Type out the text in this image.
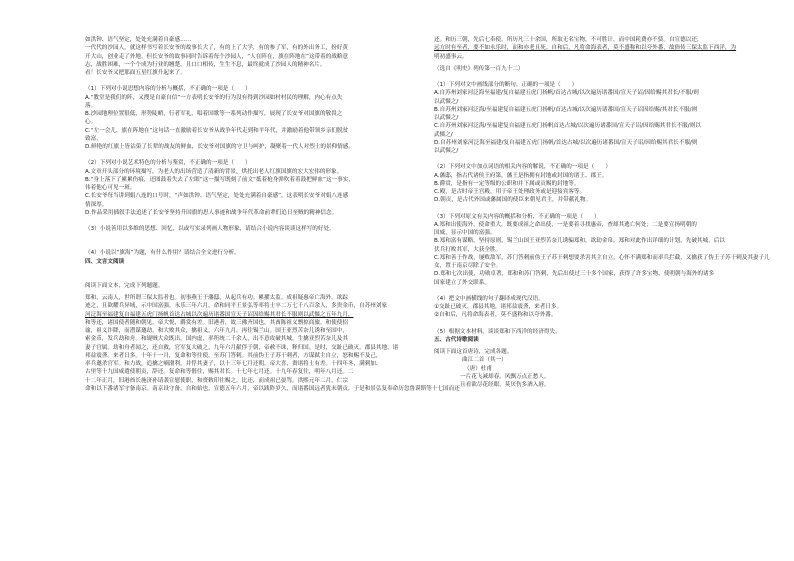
如洪钟、语气坚定，处处充满着自豪感……

一代代的沙园人，就这样书写着长安爷的故事长大了，有的上了大学，有的参了军，有的外出务工，扮好黄

开大山，创业走了外地。但长安爷的故事同时告诉着每个沙园人，“人在阵在，旗在阵地在”这带着的战略意

志，战胜困难，一个个成为行业的翘楚，且口口相传，生生不息，最终就成了沙园人的精神名片。

看！长安爷又把那面五星红旗升起来了。

（1）下列对小说思想内容的分析与概括，不正确的一项是（　　）

A.“教堂是我们的阵，又搜是自豪自信”一方表明长安爷的行为没有得到沙园如村村民的理解，内心有点失

落。

B.沙园地理位置很低，形势陡峭，行者军礼，唱着国歌等一系列动作描写，展现了长安爷对国旗的敬畏之

心。

C.“左一会儿，旗在阵地在”这句话一直激励着长安爷从战争年代走到和平年代，并激励着他带领乡亲们脱贫

致富。

D.鲜艳的红旗上皆沾染了长辈的战友的鲜血，长安爷对国旗的守卫与呵护，凝聚着一代人对烈士的景仰情感。

（2）下列对小说艺术特色的分析与鉴赏，不正确的一项是（　　）

A.文章开头部分的环境描写，为老人的出场营造了清新的背景，烘托出老人红旗国旗的宏大宏伟的形象。

B.“身上落下了累累伤痕，还图鼓着失去了左眼”这一描写既刻了前文“抵着枪身弹吹着着鼓把鲜血”这一事实，

伟着他心可见一斑。

C.长安爷每当讲到娟八连的口号时，“声如洪钟、语气坚定，处处充满着自豪感”，这表明长安爷对娟八连感

情深厚。

D.作品采用插叙手法追述了长安爷坚持升国旗的思人事迹和战争年代革命前辈们追日至贼的精神信念。

（3）小说善用以多维的思想、回忆，以或写实录列画人物形象，请结合小说内容谈谈这样写的好处。

（4）小说以“旗海”为题，有什么作用？请结合全文进行分析。

四、文言文阅读

阅读下面文本，完成下列题题。

郑和，云南人，世所谓三保太监者也。初事燕王于藩邸，从起兵有功。累擢太监。成祖疑惠帝亡海外，欲踪

迹之，且欲耀兵异域，示中国富强。永乐三年六月，命和同平王景弘等率将士卒二万七千八百余人，多贵金币，自苏州刘家

河泛海至福建复自福建五虎门扬帆首达占城以次遍历诸番国宣天子诏因给赐其君长不服则以武慑之五年九月，

和等还，诸国使者随和朝见。帝大悦，爵赏有差。旧港者，故三佛齐国也，其酋陈祖义剽掠商旅。和使使招

谕，祖义诈降，而潜谋邀劫。和大败其众，擒祖义，六年九月，再往锡兰山。国王亚烈苦奈儿诱和至国中，

索金币，发兵劫和舟。和觇贼大众既出，国内虚，率所统二千余人，出不意攻破其城，生擒亚烈苦奈儿及其

妻子官属。劫和舟者闻之，还自救，官军复大破之。九年六月献俘于朝，帝赦不诛，释归国。是时，交趾已破灭，郡县其地，诸

邦益震詟。来者日多。十年十一月，复命和等往使，至苏门答剌。其前伪王子苏干剌者，方谋弑主自立，怒和赐不及己，

率兵邀杀官军。和力战，追擒之喃渤利，并俘其妻子，以十三年七月还朝。帝大喜，赉诸将士有差。十四年冬，满剌加、

古里等十九国咸遣使朝贡，辞还。复命和等偕往，赐其君长。十七年七月还。十九年春复往，明年八月还。二

十二年正月，旧港酋长施济孙请袭宣慰使职，和赍敕印往赐之。比还，而成祖已晏驾。洪熙元年二月，仁宗

命和以下番诸军守备南京。南京设守备，自和始也。宣德五年六月，帝以践阼岁久，而诸番国远者犹未朝贡，于是和景弘复奉命历忽鲁谟斯等十七国而还

还。和历三朝，先后七奉使，所历凡三十余国，所取无名宝物，不可胜计，而中国耗费亦不赀。自宣德以还，

远方时有至者，要不如永乐时，而和亦老且死。自和后，凡将命海表者，莫不盛称和以夸外番，故俗传三保太监下西洋，为

明初盛事云。

（选自《明史》列传第一百九十二）

（1）下列对文中画线部分的断句，正确的一项是（　　）

A.自苏州刘家河泛海至福建/复自福建五虎门扬帆/首达占城/以次遍历诸番国/宣天子诏/因给赐其君长/不服/则

以武慑之/

B.自苏州刘家河泛海/至福建复自福建五虎门扬帆/首达占城/以次遍历诸番国/宣天子诏因给赐/其君长不服/则

以武慑之/

C.自苏州刘家河泛海/至福建复自福建五虎门扬帆首达占城/以次遍历诸番国/宣天子诏/因给赐其君长不服/则以

武慑之/

D.自苏州刘家河泛海至福建/复自福建五虎门扬帆/首达占城/以次遍历诸番国/宣天子诏/因给赐其君长不服/则

以武慑之/

（2）下列对文中加点词语的相关内容的解说，不正确的一项是（　　）

A.藩邸，指古代诸侯王府第，藩王是指拥有封地或封国的诸王、郡王。

B.爵赏，是指有一定等级的公职和并下属或贡赐的封地等。

C.殿，是古时帝王宫殿，用于帝王处理政务或是迎接宾客等。

D.朝贡，是古代外国或藩属国的使臣来朝见君主，并带献礼物。

（3）下列对原文有关内容的概括和分析，不正确的一项是（　　）

A.郑和出使海外，使命重大，既要成祖之命出使，一是要着寻找惠帝，查却其逃亡何处；二是要宣扬明朝的

国威，显示中国的富强。

B.郑和富有谋略，坚持原则，锡兰山国王亚烈苦奈儿诱骗郑和，欲劫金帛，郑和对此作出详细的计划，先破其城，后以

伏兵打败其军，大获全胜。

C.郑和善于作战，屡败敌军，苏门答剌前伪王子苏干剌想要杀害其主自立，心怀不满郑和而率兵拦截，又擒获了伪王子苏干剌及其妻子儿

女，置于南京尽除了安全。

D.郑和七次出使，功勋卓著，郑和和苏门答剌，先后出使过三十多个国家，获得了许多宝物，使明朝与海外的诸多

国家建立了外交联系。

（4）把文中画横线的句子翻译成现代汉语。

①交趾已破灭，郡县其地，诸邦益震詟，来者日多。

②自和后，凡将命海表者，莫不盛称和以夸外番。

（5）根据文本材料，谈谈郑和下西洋的经济得失。

五、古代诗歌阅读

阅读下面这首唐诗，完成各题。

曲江二首（其一）

（唐）杜甫

一片花飞减却春，风飘万点正愁人。

且看欲尽花经眼，莫厌伤多酒入唇。
